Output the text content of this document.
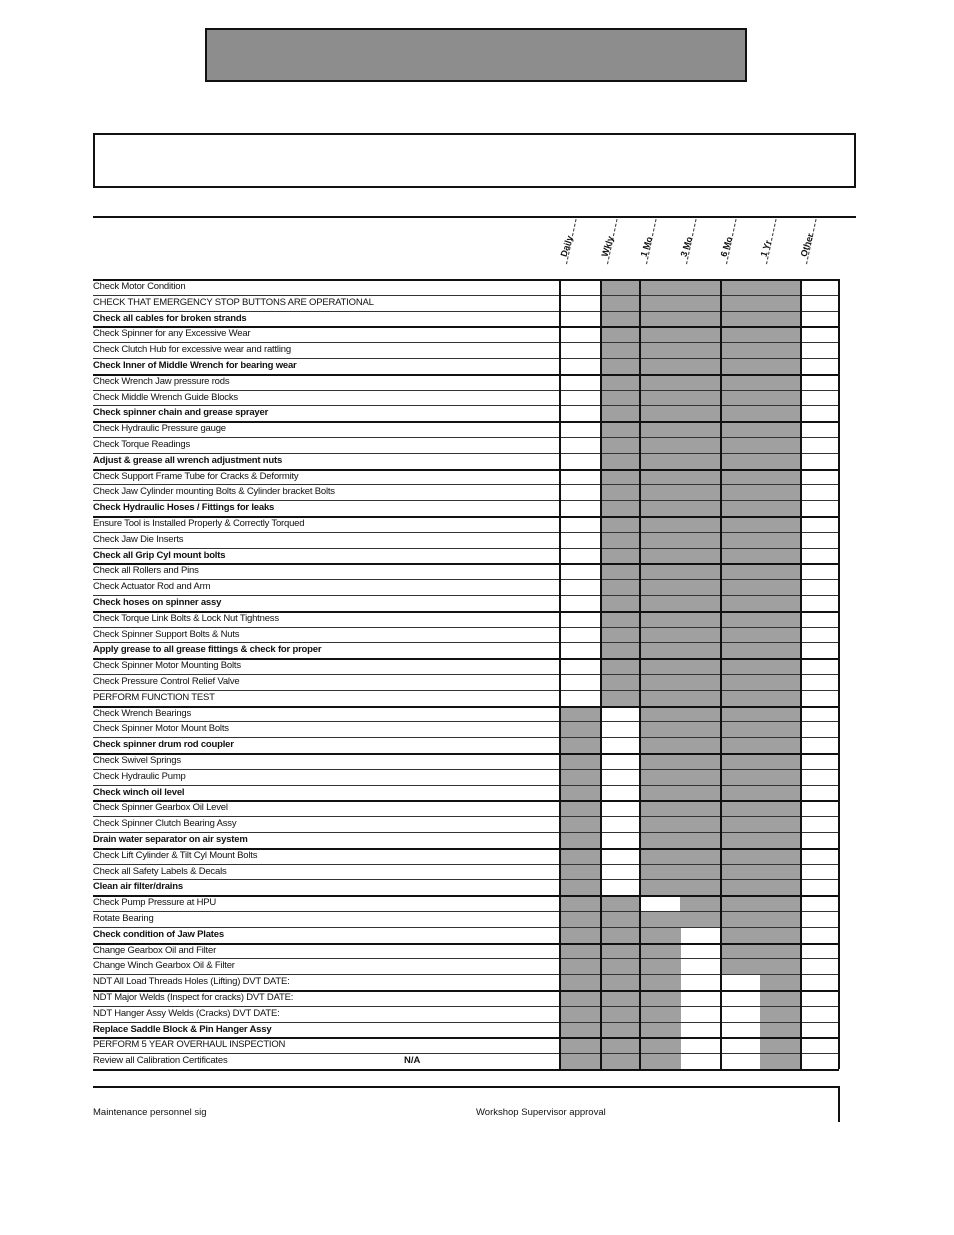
Daily	Wkly	1 Mo	3 Mo	6 Mo	1 Yr	Other
Check Motor Condition
CHECK THAT EMERGENCY STOP BUTTONS ARE OPERATIONAL
Check all cables for broken strands
Check Spinner for any Excessive Wear
Check Clutch Hub for excessive wear and rattling
Check Inner of Middle Wrench for bearing wear
Check Wrench Jaw pressure rods
Check Middle Wrench Guide Blocks
Check spinner chain and grease sprayer
Check Hydraulic Pressure gauge
Check Torque Readings
Adjust & grease all wrench adjustment nuts
Check Support Frame Tube for Cracks & Deformity
Check Jaw Cylinder mounting Bolts & Cylinder bracket Bolts
Check Hydraulic Hoses / Fittings for leaks
Ensure Tool is Installed Properly & Correctly Torqued
Check Jaw Die Inserts
Check all Grip Cyl mount bolts
Check all Rollers and Pins
Check Actuator Rod and Arm
Check hoses on spinner assy
Check Torque Link Bolts & Lock Nut Tightness
Check Spinner Support Bolts & Nuts
Apply grease to all grease fittings & check for proper
Check Spinner Motor Mounting Bolts
Check Pressure Control Relief Valve
PERFORM FUNCTION TEST
Check Wrench Bearings
Check Spinner Motor Mount Bolts
Check spinner drum rod coupler
Check Swivel Springs
Check Hydraulic Pump
Check winch oil level
Check Spinner Gearbox Oil Level
Check Spinner Clutch Bearing Assy
Drain water separator on air system
Check Lift Cylinder & Tilt Cyl Mount Bolts
Check all Safety Labels & Decals
Clean air filter/drains
Check Pump Pressure at HPU
Rotate Bearing
Check condition of Jaw Plates
Change Gearbox Oil and Filter
Change Winch Gearbox Oil & Filter
NDT All Load Threads Holes (Lifting) DVT DATE:
NDT Major Welds (Inspect for cracks) DVT DATE:
NDT Hanger Assy Welds (Cracks) DVT DATE:
Replace Saddle Block & Pin Hanger Assy
PERFORM 5 YEAR OVERHAUL INSPECTION
Review all Calibration Certificates	N/A
Maintenance personnel sig	Workshop Supervisor approval
